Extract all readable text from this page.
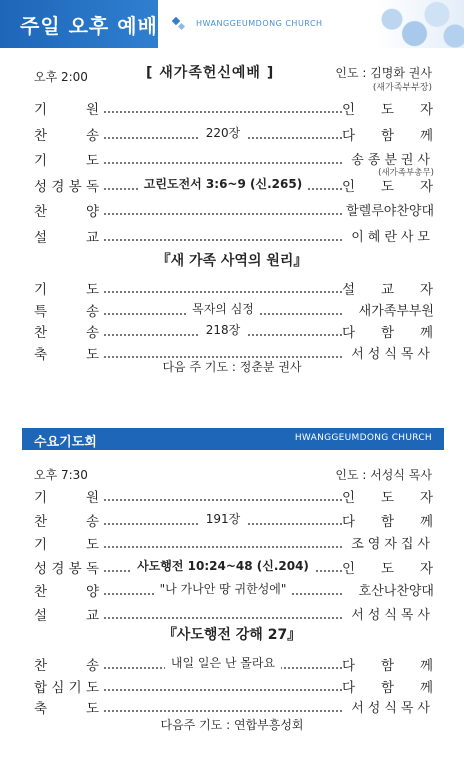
주일 오후 예배	HWANGGEUMDONG CHURCH
오후 2:00	[ 새가족헌신예배 ]	인도 : 김명화 권사
(새가족부부장)
기	원	인 도 자
찬	송	220장	다 함 께
기	도	송종분권사
(새가족부총무)
성 경 봉 독	고린도전서 3:6~9 (신.265)	인 도 자
찬	양	할렐루야찬양대
설	교	이혜란사모
『새 가족 사역의 원리』
기	도	설 교 자
특	송	목자의 심정	새가족부부원
찬	송	218장	다 함 께
축	도	서성식목사
다음 주 기도 : 정춘분 권사
수요기도회	HWANGGEUMDONG CHURCH
오후 7:30	인도 : 서성식 목사
기	원	인 도 자
찬	송	191장	다 함 께
기	도	조영자집사
성 경 봉 독	사도행전 10:24~48 (신.204)	인 도 자
찬	양	"나 가나안 땅 귀한성에"	호산나찬양대
설	교	서성식목사
『사도행전 강해 27』
찬	송	내일 일은 난 몰라요	다 함 께
합 심 기 도	다 함 께
축	도	서성식목사
다음주 기도 : 연합부흥성회
